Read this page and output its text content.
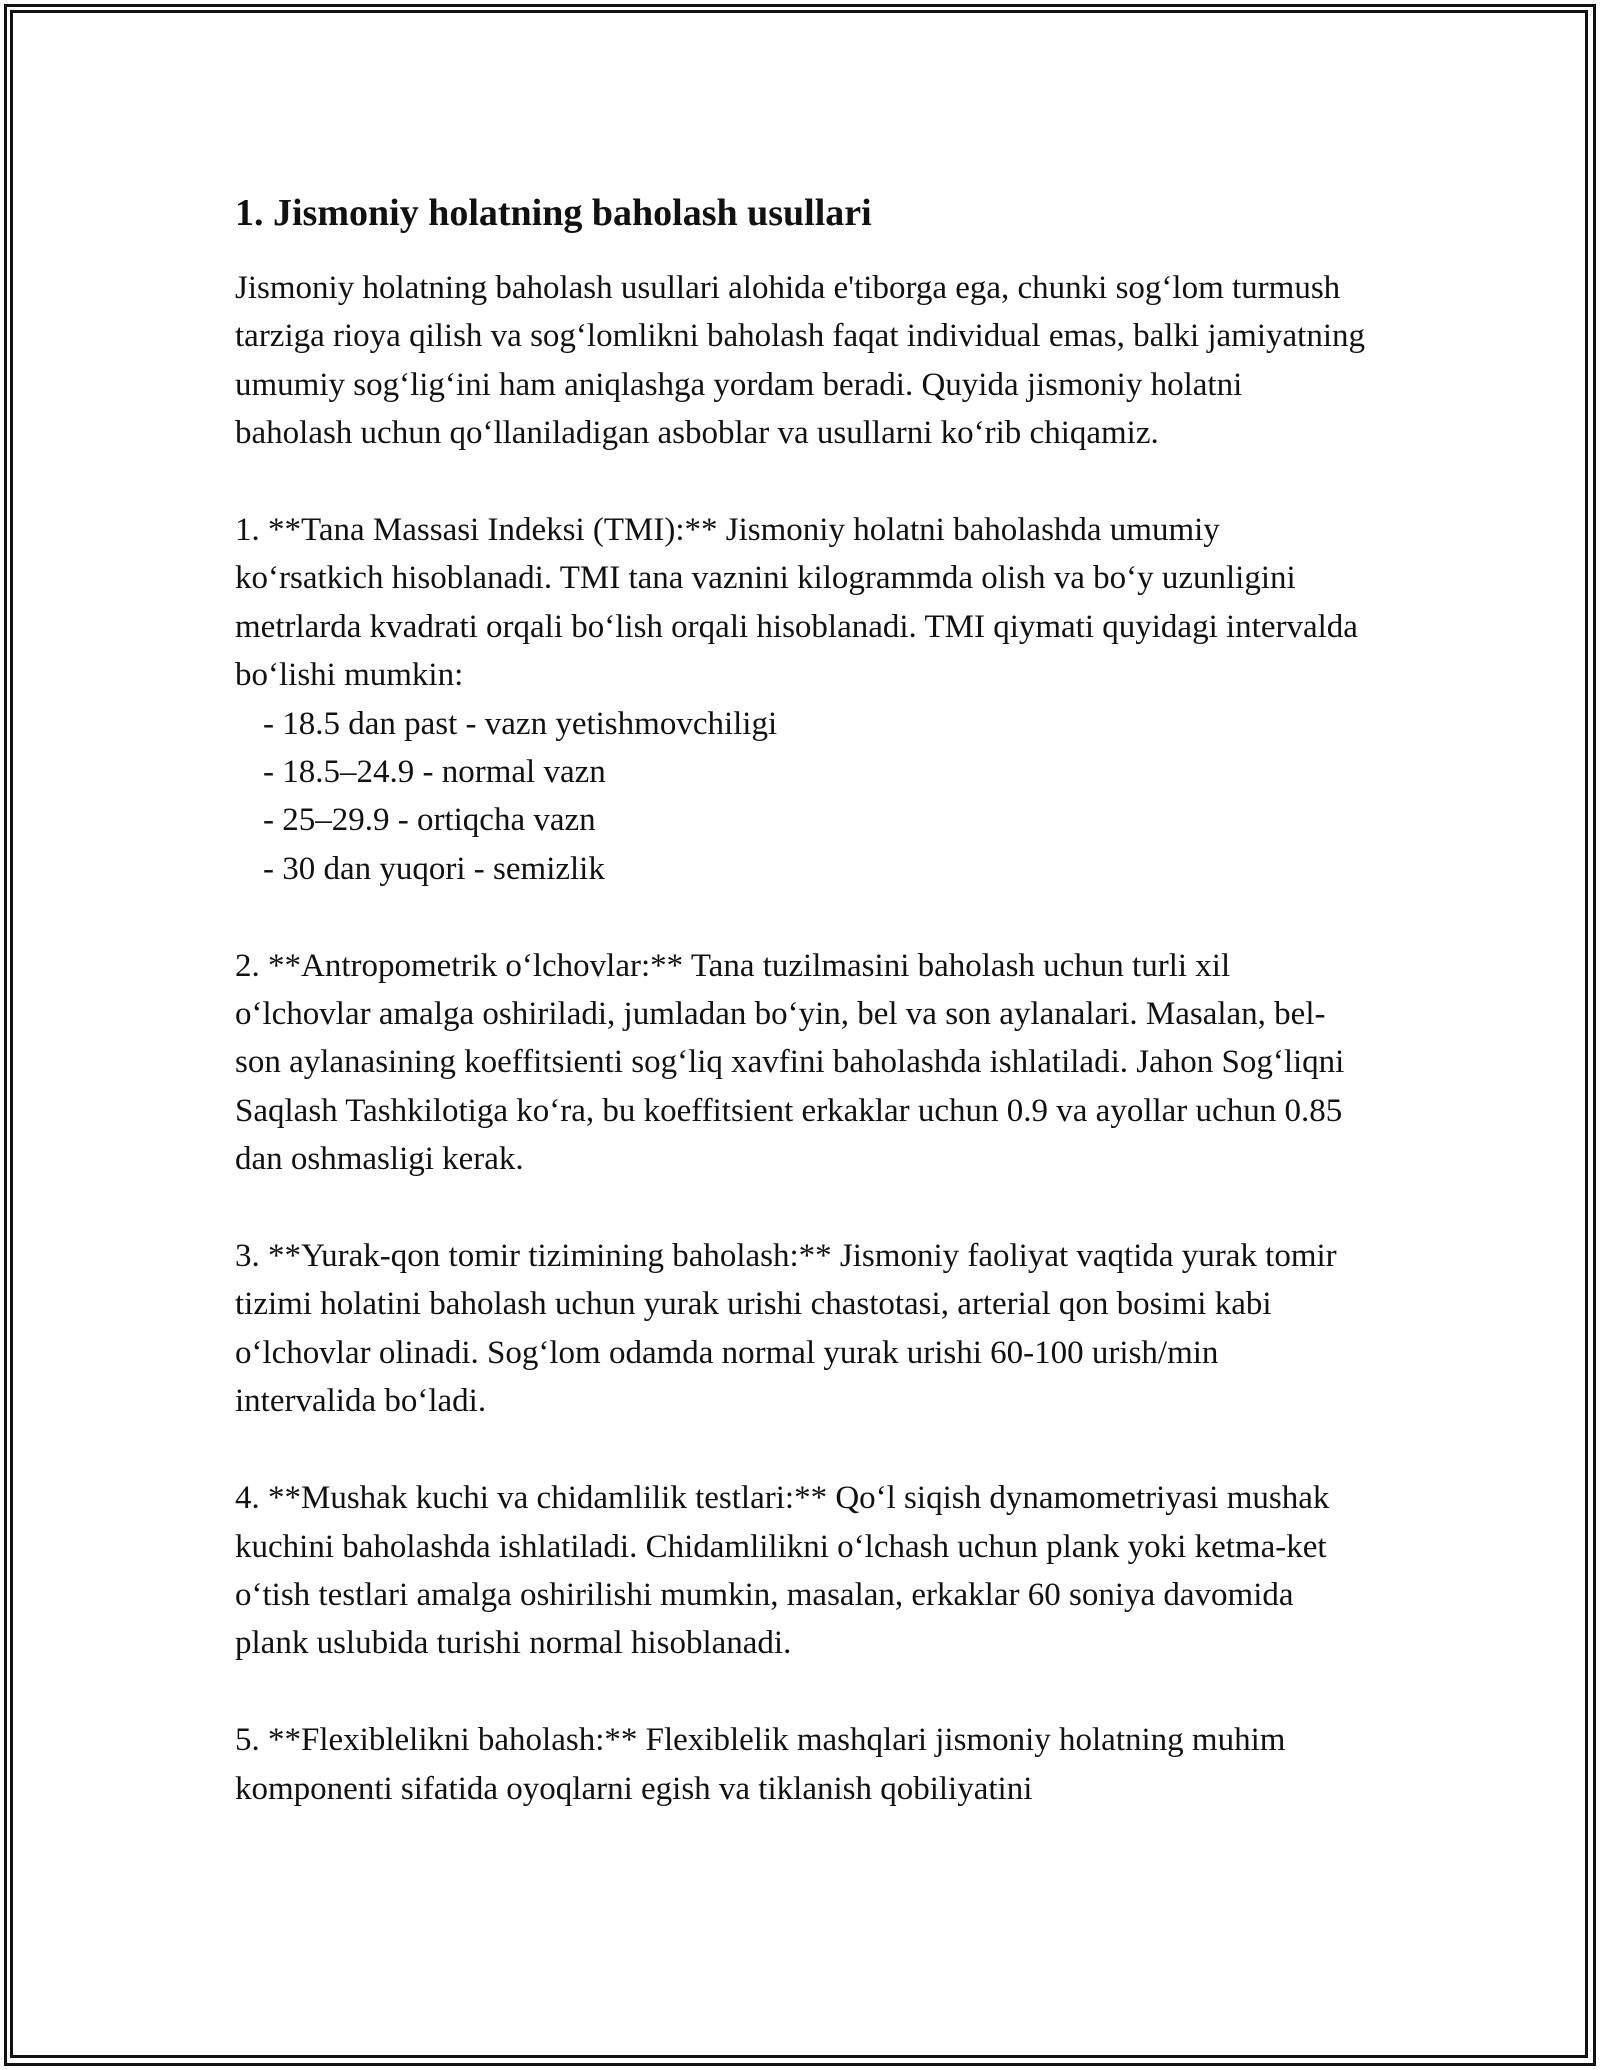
1. Jismoniy holatning baholash usullari

Jismoniy holatning baholash usullari alohida e'tiborga ega, chunki sog‘lom turmush tarziga rioya qilish va sog‘lomlikni baholash faqat individual emas, balki jamiyatning umumiy sog‘lig‘ini ham aniqlashga yordam beradi. Quyida jismoniy holatni baholash uchun qo‘llaniladigan asboblar va usullarni ko‘rib chiqamiz.

1. **Tana Massasi Indeksi (TMI):** Jismoniy holatni baholashda umumiy ko‘rsatkich hisoblanadi. TMI tana vaznini kilogrammda olish va bo‘y uzunligini metrlarda kvadrati orqali bo‘lish orqali hisoblanadi. TMI qiymati quyidagi intervalda bo‘lishi mumkin:

- 18.5 dan past - vazn yetishmovchiligi
- 18.5–24.9 - normal vazn
- 25–29.9 - ortiqcha vazn
- 30 dan yuqori - semizlik

2. **Antropometrik o‘lchovlar:** Tana tuzilmasini baholash uchun turli xil o‘lchovlar amalga oshiriladi, jumladan bo‘yin, bel va son aylanalari. Masalan, bel-son aylanasining koeffitsienti sog‘liq xavfini baholashda ishlatiladi. Jahon Sog‘liqni Saqlash Tashkilotiga ko‘ra, bu koeffitsient erkaklar uchun 0.9 va ayollar uchun 0.85 dan oshmasligi kerak.

3. **Yurak-qon tomir tizimining baholash:** Jismoniy faoliyat vaqtida yurak tomir tizimi holatini baholash uchun yurak urishi chastotasi, arterial qon bosimi kabi o‘lchovlar olinadi. Sog‘lom odamda normal yurak urishi 60-100 urish/min intervalida bo‘ladi.

4. **Mushak kuchi va chidamlilik testlari:** Qo‘l siqish dynamometriyasi mushak kuchini baholashda ishlatiladi. Chidamlilikni o‘lchash uchun plank yoki ketma-ket o‘tish testlari amalga oshirilishi mumkin, masalan, erkaklar 60 soniya davomida plank uslubida turishi normal hisoblanadi.

5. **Flexiblelikni baholash:** Flexiblelik mashqlari jismoniy holatning muhim komponenti sifatida oyoqlarni egish va tiklanish qobiliyatini
